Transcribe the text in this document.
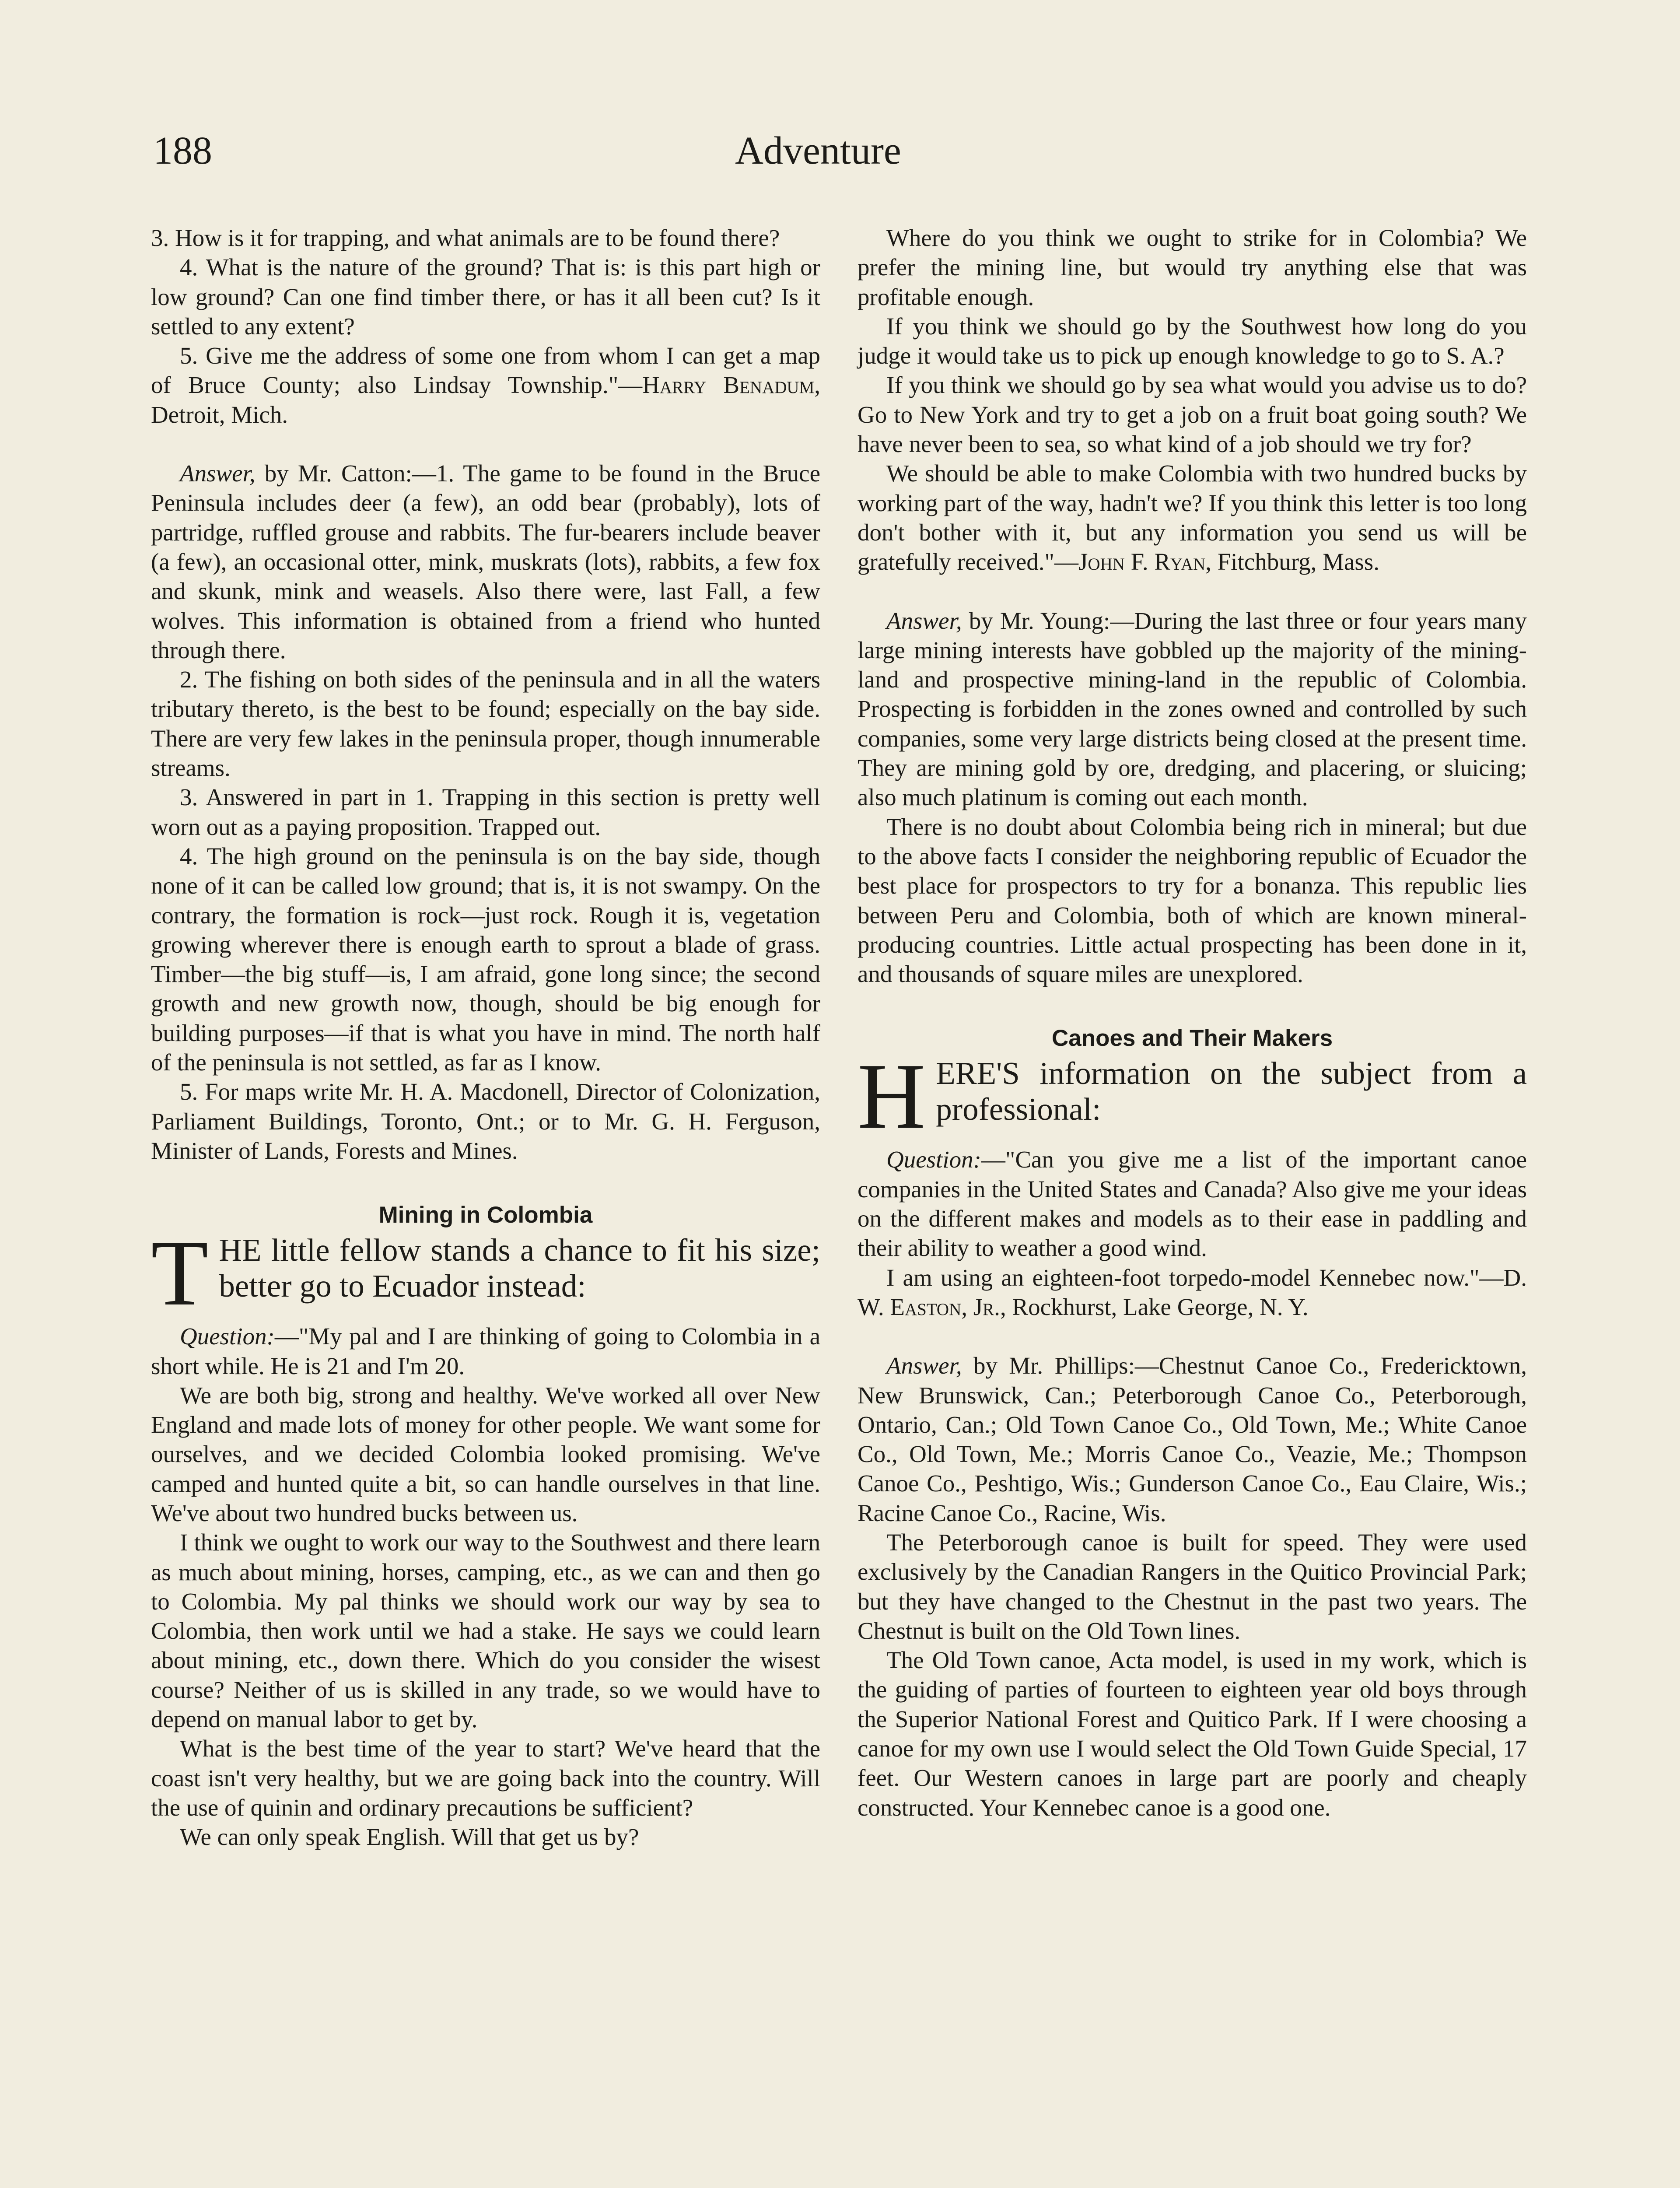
188	Adventure

3. How is it for trapping, and what animals are to be found there?

4. What is the nature of the ground? That is: is this part high or low ground? Can one find timber there, or has it all been cut? Is it settled to any extent?

5. Give me the address of some one from whom I can get a map of Bruce County; also Lindsay Township."—Harry Benadum, Detroit, Mich.

Answer, by Mr. Catton:—1. The game to be found in the Bruce Peninsula includes deer (a few), an odd bear (probably), lots of partridge, ruffled grouse and rabbits. The fur-bearers include beaver (a few), an occasional otter, mink, muskrats (lots), rabbits, a few fox and skunk, mink and weasels. Also there were, last Fall, a few wolves. This information is obtained from a friend who hunted through there.

2. The fishing on both sides of the peninsula and in all the waters tributary thereto, is the best to be found; especially on the bay side. There are very few lakes in the peninsula proper, though innumerable streams.

3. Answered in part in 1. Trapping in this section is pretty well worn out as a paying proposition. Trapped out.

4. The high ground on the peninsula is on the bay side, though none of it can be called low ground; that is, it is not swampy. On the contrary, the formation is rock—just rock. Rough it is, vegetation growing wherever there is enough earth to sprout a blade of grass. Timber—the big stuff—is, I am afraid, gone long since; the second growth and new growth now, though, should be big enough for building purposes—if that is what you have in mind. The north half of the peninsula is not settled, as far as I know.

5. For maps write Mr. H. A. Macdonell, Director of Colonization, Parliament Buildings, Toronto, Ont.; or to Mr. G. H. Ferguson, Minister of Lands, Forests and Mines.

Mining in Colombia
THE little fellow stands a chance to fit his size; better go to Ecuador instead:

Question:—"My pal and I are thinking of going to Colombia in a short while. He is 21 and I'm 20.

We are both big, strong and healthy. We've worked all over New England and made lots of money for other people. We want some for ourselves, and we decided Colombia looked promising. We've camped and hunted quite a bit, so can handle ourselves in that line. We've about two hundred bucks between us.

I think we ought to work our way to the Southwest and there learn as much about mining, horses, camping, etc., as we can and then go to Colombia. My pal thinks we should work our way by sea to Colombia, then work until we had a stake. He says we could learn about mining, etc., down there. Which do you consider the wisest course? Neither of us is skilled in any trade, so we would have to depend on manual labor to get by.

What is the best time of the year to start? We've heard that the coast isn't very healthy, but we are going back into the country. Will the use of quinin and ordinary precautions be sufficient?

We can only speak English. Will that get us by?

Where do you think we ought to strike for in Colombia? We prefer the mining line, but would try anything else that was profitable enough.

If you think we should go by the Southwest how long do you judge it would take us to pick up enough knowledge to go to S. A.?

If you think we should go by sea what would you advise us to do? Go to New York and try to get a job on a fruit boat going south? We have never been to sea, so what kind of a job should we try for?

We should be able to make Colombia with two hundred bucks by working part of the way, hadn't we? If you think this letter is too long don't bother with it, but any information you send us will be gratefully received."—John F. Ryan, Fitchburg, Mass.

Answer, by Mr. Young:—During the last three or four years many large mining interests have gobbled up the majority of the mining-land and prospective mining-land in the republic of Colombia. Prospecting is forbidden in the zones owned and controlled by such companies, some very large districts being closed at the present time. They are mining gold by ore, dredging, and placering, or sluicing; also much platinum is coming out each month.

There is no doubt about Colombia being rich in mineral; but due to the above facts I consider the neighboring republic of Ecuador the best place for prospectors to try for a bonanza. This republic lies between Peru and Colombia, both of which are known mineral-producing countries. Little actual prospecting has been done in it, and thousands of square miles are unexplored.

Canoes and Their Makers
HERE'S information on the subject from a professional:

Question:—"Can you give me a list of the important canoe companies in the United States and Canada? Also give me your ideas on the different makes and models as to their ease in paddling and their ability to weather a good wind.

I am using an eighteen-foot torpedo-model Kennebec now."—D. W. Easton, Jr., Rockhurst, Lake George, N. Y.

Answer, by Mr. Phillips:—Chestnut Canoe Co., Fredericktown, New Brunswick, Can.; Peterborough Canoe Co., Peterborough, Ontario, Can.; Old Town Canoe Co., Old Town, Me.; White Canoe Co., Old Town, Me.; Morris Canoe Co., Veazie, Me.; Thompson Canoe Co., Peshtigo, Wis.; Gunderson Canoe Co., Eau Claire, Wis.; Racine Canoe Co., Racine, Wis.

The Peterborough canoe is built for speed. They were used exclusively by the Canadian Rangers in the Quitico Provincial Park; but they have changed to the Chestnut in the past two years. The Chestnut is built on the Old Town lines.

The Old Town canoe, Acta model, is used in my work, which is the guiding of parties of fourteen to eighteen year old boys through the Superior National Forest and Quitico Park. If I were choosing a canoe for my own use I would select the Old Town Guide Special, 17 feet. Our Western canoes in large part are poorly and cheaply constructed. Your Kennebec canoe is a good one.
